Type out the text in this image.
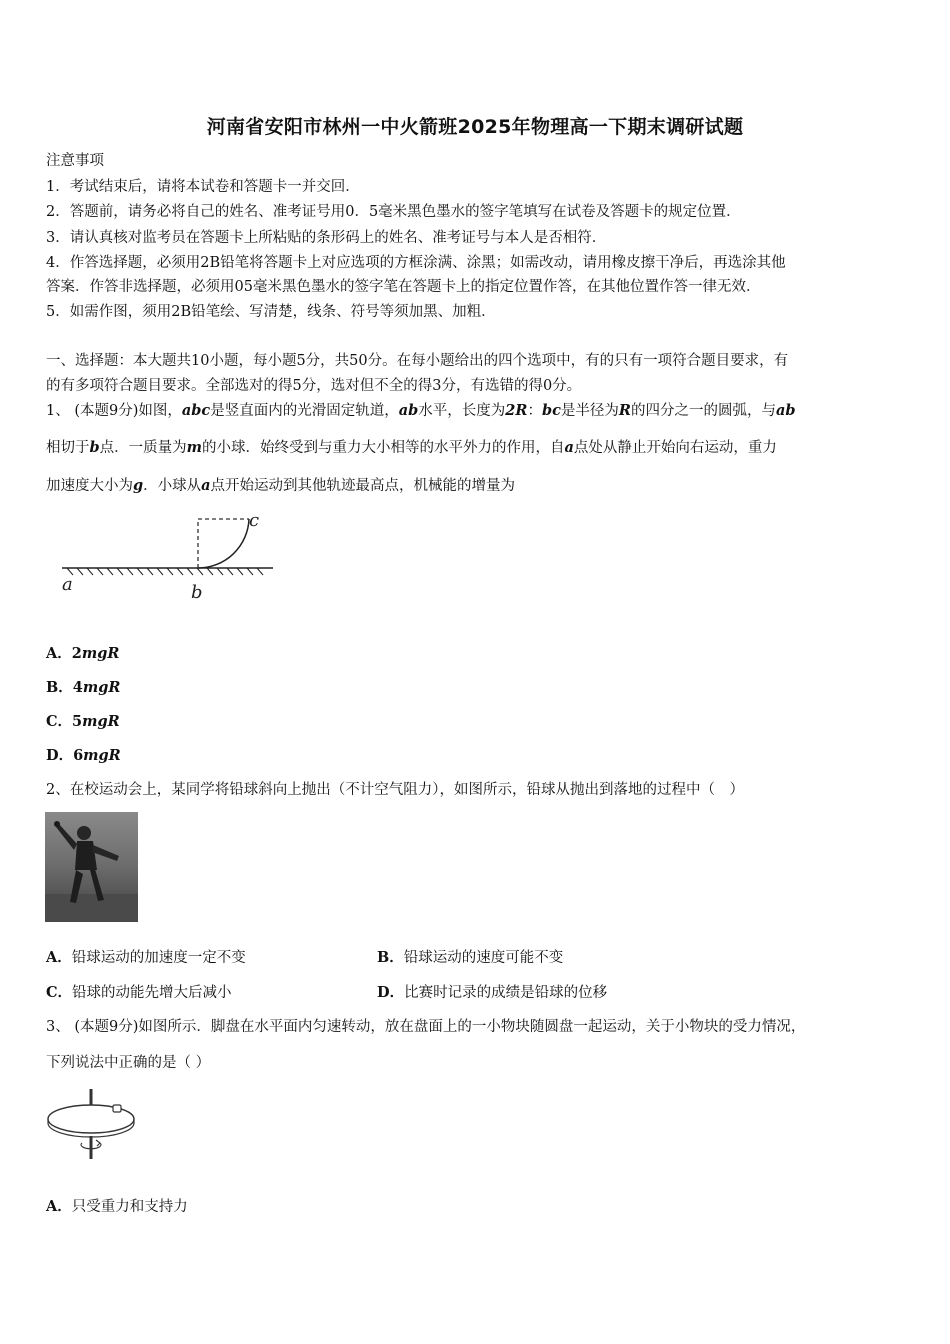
河南省安阳市林州一中火箭班2025年物理高一下期末调研试题
注意事项
1．考试结束后，请将本试卷和答题卡一并交回．
2．答题前，请务必将自己的姓名、准考证号用0．5毫米黑色墨水的签字笔填写在试卷及答题卡的规定位置．
3．请认真核对监考员在答题卡上所粘贴的条形码上的姓名、准考证号与本人是否相符．
4．作答选择题，必须用2B铅笔将答题卡上对应选项的方框涂满、涂黑；如需改动，请用橡皮擦干净后，再选涂其他
答案．作答非选择题，必须用05毫米黑色墨水的签字笔在答题卡上的指定位置作答，在其他位置作答一律无效．
5．如需作图，须用2B铅笔绘、写清楚，线条、符号等须加黑、加粗．
一、选择题：本大题共10小题，每小题5分，共50分。在每小题给出的四个选项中，有的只有一项符合题目要求，有
的有多项符合题目要求。全部选对的得5分，选对但不全的得3分，有选错的得0分。
1、 (本题9分)如图，abc是竖直面内的光滑固定轨道，ab水平，长度为2R：bc是半径为R的四分之一的圆弧，与ab
相切于b点．一质量为m的小球．始终受到与重力大小相等的水平外力的作用，自a点处从静止开始向右运动，重力
加速度大小为g．小球从a点开始运动到其他轨迹最高点，机械能的增量为
a	b
c
A．2mgR
B．4mgR
C．5mgR
D．6mgR
2、在校运动会上，某同学将铅球斜向上抛出（不计空气阻力），如图所示，铅球从抛出到落地的过程中（　）
A．铅球运动的加速度一定不变	B．铅球运动的速度可能不变
C．铅球的动能先增大后减小	D．比赛时记录的成绩是铅球的位移
3、 (本题9分)如图所示．脚盘在水平面内匀速转动，放在盘面上的一小物块随圆盘一起运动，关于小物块的受力情况，
下列说法中正确的是（ ）
A．只受重力和支持力
